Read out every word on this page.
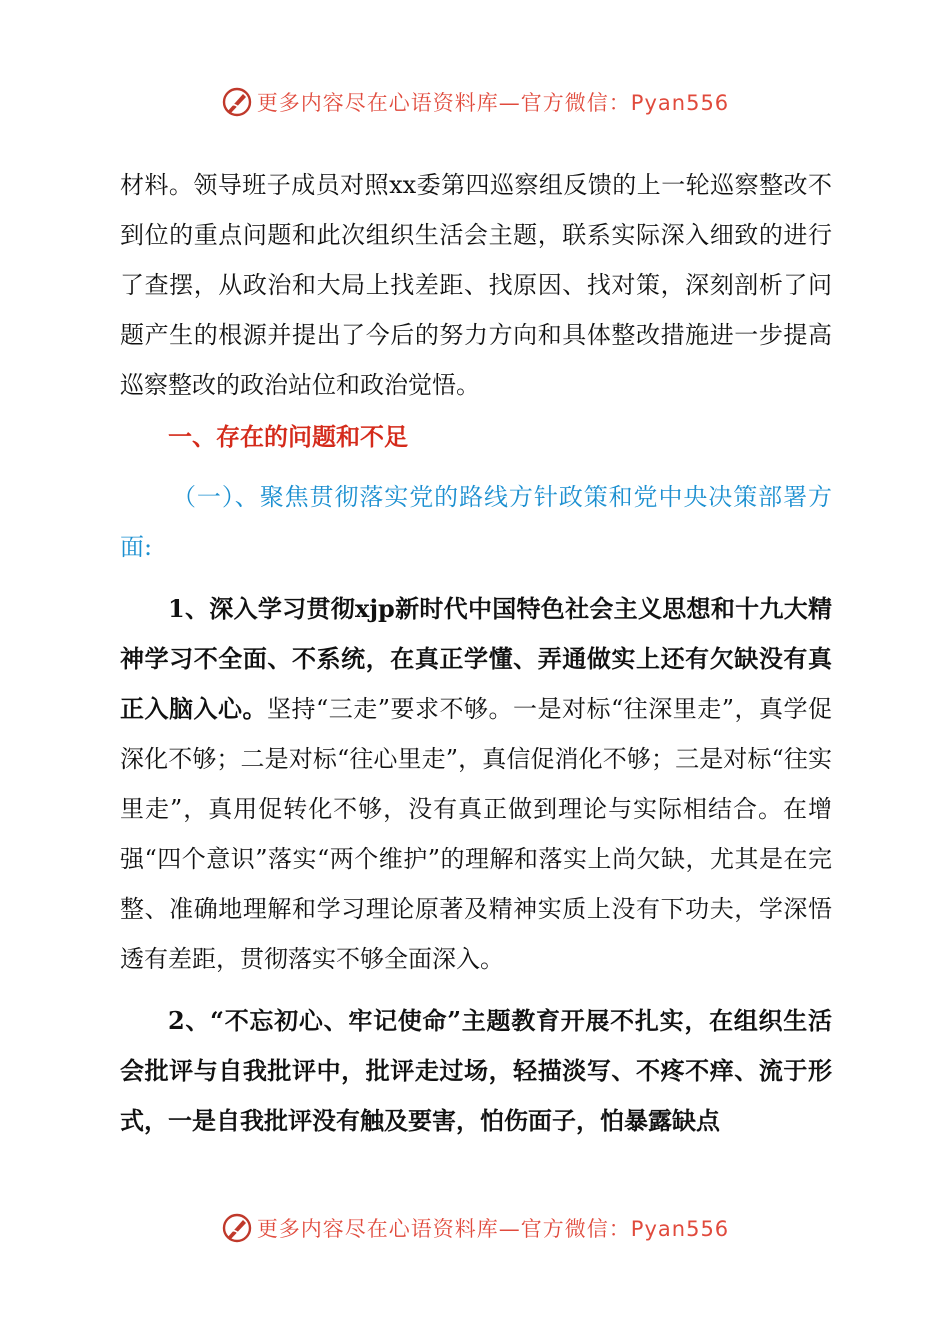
更多内容尽在心语资料库—官方微信：Pyan556

材料。领导班子成员对照xx委第四巡察组反馈的上一轮巡察整改不到位的重点问题和此次组织生活会主题，联系实际深入细致的进行了查摆，从政治和大局上找差距、找原因、找对策，深刻剖析了问题产生的根源并提出了今后的努力方向和具体整改措施进一步提高巡察整改的政治站位和政治觉悟。

一、存在的问题和不足

（一）、聚焦贯彻落实党的路线方针政策和党中央决策部署方面:

1、深入学习贯彻xjp新时代中国特色社会主义思想和十九大精神学习不全面、不系统，在真正学懂、弄通做实上还有欠缺没有真正入脑入心。坚持“三走”要求不够。一是对标“往深里走”，真学促深化不够；二是对标“往心里走”，真信促消化不够；三是对标“往实里走”，真用促转化不够，没有真正做到理论与实际相结合。在增强“四个意识”落实“两个维护”的理解和落实上尚欠缺，尤其是在完整、准确地理解和学习理论原著及精神实质上没有下功夫，学深悟透有差距，贯彻落实不够全面深入。

2、“不忘初心、牢记使命”主题教育开展不扎实，在组织生活会批评与自我批评中，批评走过场，轻描淡写、不疼不痒、流于形式，一是自我批评没有触及要害，怕伤面子，怕暴露缺点

更多内容尽在心语资料库—官方微信：Pyan556
